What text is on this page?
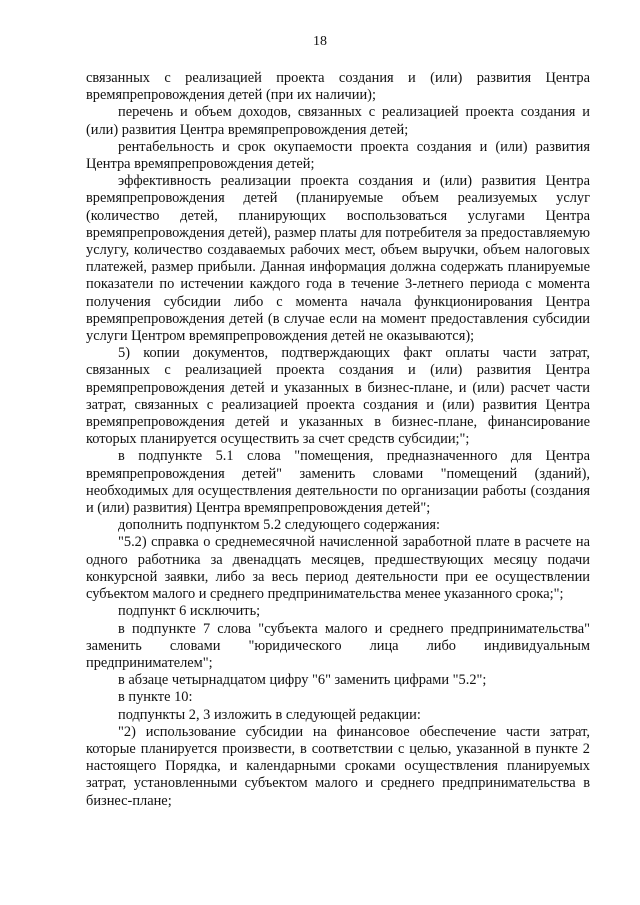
18

связанных с реализацией проекта создания и (или) развития Центра времяпрепровождения детей (при их наличии);

перечень и объем доходов, связанных с реализацией проекта создания и (или) развития Центра времяпрепровождения детей;

рентабельность и срок окупаемости проекта создания и (или) развития Центра времяпрепровождения детей;

эффективность реализации проекта создания и (или) развития Центра времяпрепровождения детей (планируемые объем реализуемых услуг (количество детей, планирующих воспользоваться услугами Центра времяпрепровождения детей), размер платы для потребителя за предоставляемую услугу, количество создаваемых рабочих мест, объем выручки, объем налоговых платежей, размер прибыли. Данная информация должна содержать планируемые показатели по истечении каждого года в течение 3-летнего периода с момента получения субсидии либо с момента начала функционирования Центра времяпрепровождения детей (в случае если на момент предоставления субсидии услуги Центром времяпрепровождения детей не оказываются);

5) копии документов, подтверждающих факт оплаты части затрат, связанных с реализацией проекта создания и (или) развития Центра времяпрепровождения детей и указанных в бизнес-плане, и (или) расчет части затрат, связанных с реализацией проекта создания и (или) развития Центра времяпрепровождения детей и указанных в бизнес-плане, финансирование которых планируется осуществить за счет средств субсидии;";

в подпункте 5.1 слова "помещения, предназначенного для Центра времяпрепровождения детей" заменить словами "помещений (зданий), необходимых для осуществления деятельности по организации работы (создания и (или) развития) Центра времяпрепровождения детей";

дополнить подпунктом 5.2 следующего содержания:

"5.2) справка о среднемесячной начисленной заработной плате в расчете на одного работника за двенадцать месяцев, предшествующих месяцу подачи конкурсной заявки, либо за весь период деятельности при ее осуществлении субъектом малого и среднего предпринимательства менее указанного срока;";

подпункт 6 исключить;

в подпункте 7 слова "субъекта малого и среднего предпринимательства" заменить словами "юридического лица либо индивидуальным предпринимателем";

в абзаце четырнадцатом цифру "6" заменить цифрами "5.2";

в пункте 10:

подпункты 2, 3 изложить в следующей редакции:

"2) использование субсидии на финансовое обеспечение части затрат, которые планируется произвести, в соответствии с целью, указанной в пункте 2 настоящего Порядка, и календарными сроками осуществления планируемых затрат, установленными субъектом малого и среднего предпринимательства в бизнес-плане;
